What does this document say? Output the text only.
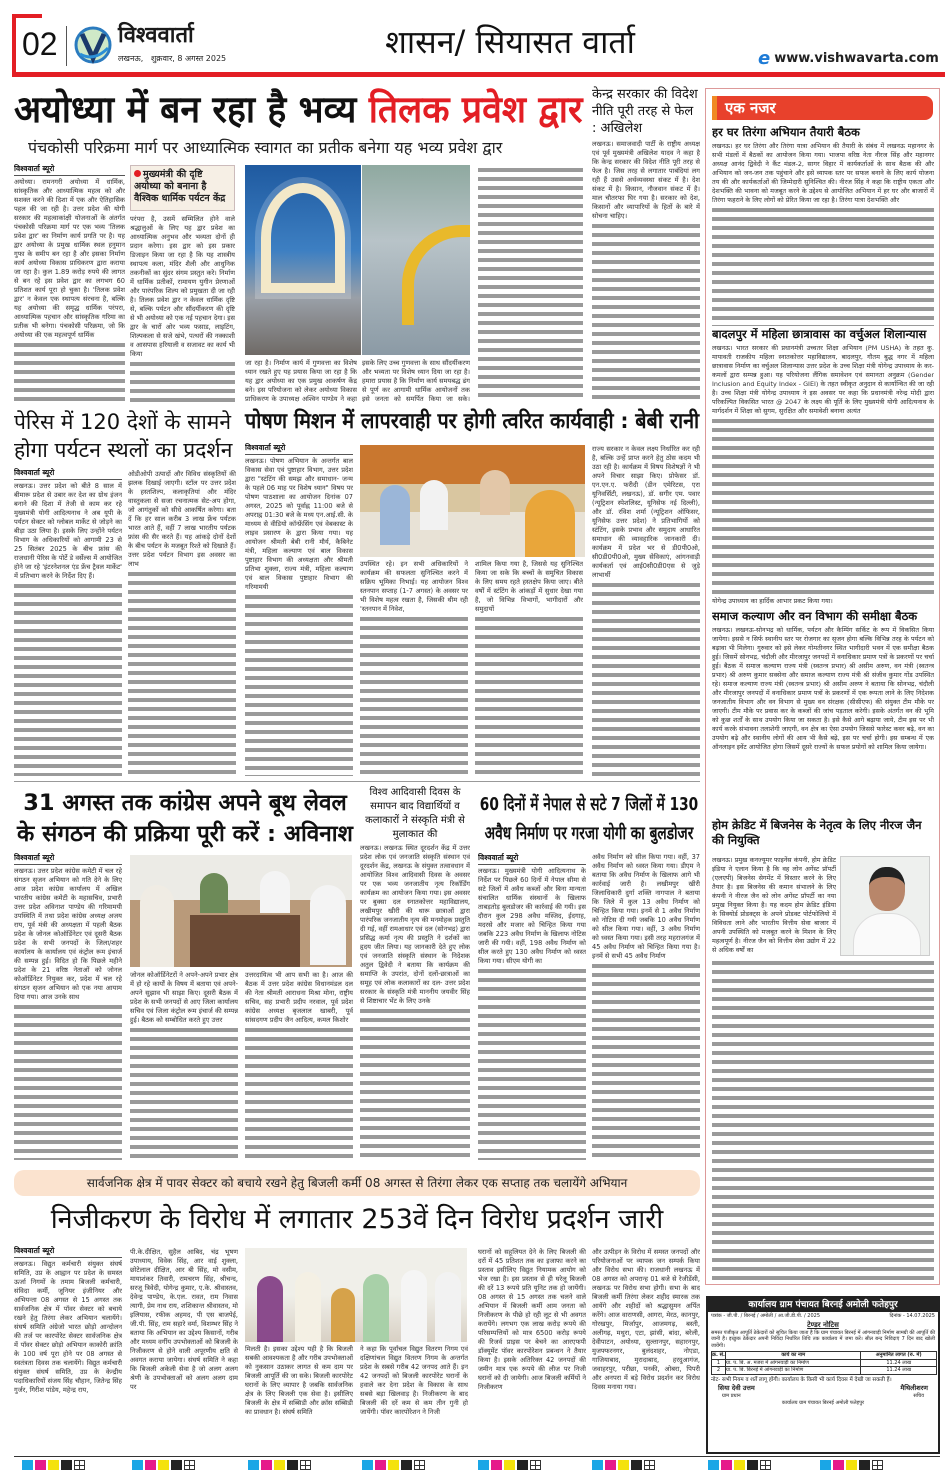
02	विश्ववार्ता
लखनऊ,   शुक्रवार, 8 अगस्त 2025	शासन/ सियासत वार्ता	e www.vishwavarta.com
अयोध्या में बन रहा है भव्य तिलक प्रवेश द्वार
पंचकोसी परिक्रमा मार्ग पर आध्यात्मिक स्वागत का प्रतीक बनेगा यह भव्य प्रवेश द्वार
विश्ववार्ता ब्यूरो
अयोध्या। रामनगरी अयोध्या में धार्मिक, सांस्कृतिक और आध्यात्मिक महत्व को और सशक्त करने की दिशा में एक और ऐतिहासिक पहल की जा रही है। उत्तर प्रदेश की योगी सरकार की महत्वाकांक्षी योजनाओं के अंतर्गत पंचकोसी परिक्रमा मार्ग पर एक भव्य 'तिलक प्रवेश द्वार' का निर्माण कार्य प्रगति पर है। यह द्वार अयोध्या के प्रमुख धार्मिक स्थल हनुमान गुफा के समीप बन रहा है और इसका निर्माण कार्य अयोध्या विकास प्राधिकरण द्वारा कराया जा रहा है। कुल 1.89 करोड़ रुपये की लागत से बन रहे इस प्रवेश द्वार का लगभग 60 प्रतिशत कार्य पूरा हो चुका है। 'तिलक प्रवेश द्वार' न केवल एक स्थापत्य संरचना है, बल्कि यह अयोध्या की समृद्ध धार्मिक परंपरा, आध्यात्मिक पहचान और सांस्कृतिक गरिमा का प्रतीक भी बनेगा। पंचकोसी परिक्रमा, जो कि अयोध्या की एक महत्वपूर्ण धार्मिक
मुख्यमंत्री की दृष्टि अयोध्या को बनाना है वैश्विक धार्मिक पर्यटन केंद्र
परंपरा है, उसमें सम्मिलित होने वाले श्रद्धालुओं के लिए यह द्वार प्रवेश का आध्यात्मिक अनुभव और भव्यता दोनों ही प्रदान करेगा। इस द्वार को इस प्रकार डिजाइन किया जा रहा है कि यह शास्त्रीय स्थापत्य कला, मंदिर शैली और आधुनिक तकनीकों का सुंदर संगम प्रस्तुत करे। निर्माण में धार्मिक प्रतीकों, रामायण युगीन प्रेरणाओं और पारंपरिक शिल्प को प्रमुखता दी जा रही है। तिलक प्रवेश द्वार न केवल धार्मिक दृष्टि से, बल्कि पर्यटन और सौंदर्यीकरण की दृष्टि से भी अयोध्या को एक नई पहचान देगा। इस द्वार के चारों ओर भव्य फसाड, लाइटिंग, शिल्पकला से सजे खंभे, पत्थरों की नक्काशी व आसपास हरियाली व सजावट का कार्य भी किया
जा रहा है। निर्माण कार्य में गुणवत्ता का विशेष ध्यान रखते हुए यह प्रयास किया जा रहा है कि यह द्वार अयोध्या का एक प्रमुख आकर्षण केंद्र बने। इस परियोजना को लेकर अयोध्या विकास प्राधिकरण के उपाध्यक्ष अश्विन पाण्डेय ने कहा
इसके लिए उच्च गुणवत्ता के साथ सौंदर्यीकरण और भव्यता पर विशेष ध्यान दिया जा रहा है। हमारा प्रयास है कि निर्माण कार्य समयबद्ध ढंग से पूर्ण कर आगामी धार्मिक आयोजनों तक इसे जनता को समर्पित किया जा सके।
केन्द्र सरकार की विदेश नीति पूरी तरह से फेल : अखिलेश
लखनऊ। समाजवादी पार्टी के राष्ट्रीय अध्यक्ष एवं पूर्व मुख्यमंत्री अखिलेश यादव ने कहा है कि केन्द्र सरकार की विदेश नीति पूरी तरह से फेल है। जिस तरह से लगातार पाबंदियां लग रही हैं उससे अर्थव्यवस्था संकट में है। देश संकट में है। किसान, नौजवान संकट में है। माल चौतरफा घिर गया है। सरकार को देश, किसानों और व्यापारियों के हितों के बारे में सोचना चाहिए।
एक नजर
हर घर तिरंगा अभियान तैयारी बैठक
लखनऊ। हर घर तिरंगा और तिरंगा यात्रा अभियान की तैयारी के संबंध में लखनऊ महानगर के सभी मंडलों में बैठकों का आयोजन किया गया। भाजपा वरिष्ठ नेता नीरज सिंह और महानगर अध्यक्ष आनंद द्विवेदी ने कैंट मंडल-2, सागर विहार में कार्यकर्ताओं के साथ बैठक की और अभियान को जन-जन तक पहुंचाने और इसे व्यापक स्तर पर सफल बनाने के लिए कार्य योजना तय की और कार्यकर्ताओं की जिम्मेदारी सुनिश्चित की। नीरज सिंह ने कहा कि राष्ट्रीय एकता और देशभक्ति की भावना को मजबूत करने के उद्देश्य से आयोजित अभियान में हर घर और बाजारों में तिरंगा फहराने के लिए लोगों को प्रेरित किया जा रहा है। तिरंगा यात्रा देशभक्ति और
बादलपुर में महिला छात्रावास का वर्चुअल शिलान्यास
लखनऊ। भारत सरकार की प्रधानमंत्री उच्चतर शिक्षा अभियान (PM USHA) के तहत कु. मायावती राजकीय महिला स्नातकोत्तर महाविद्यालय, बादलपुर, गौतम बुद्ध नगर में महिला छात्रावास निर्माण का वर्चुअल शिलान्यास उत्तर प्रदेश के उच्च शिक्षा मंत्री योगेन्द्र उपाध्याय के कर-कमलों द्वारा सम्पन्न हुआ। यह परियोजना लैंगिक समावेशन एवं समानता अनुक्रम (Gender Inclusion and Equity Index - GIEI) के तहत स्वीकृत अनुदान से कार्यान्वित की जा रही है। उच्च शिक्षा मंत्री योगेन्द्र उपाध्याय ने इस अवसर पर कहा कि प्रधानमंत्री नरेन्द्र मोदी द्वारा परिकल्पित विकसित भारत @ 2047 के लक्ष्य की पूर्ति के लिए मुख्यमंत्री योगी आदित्यनाथ के मार्गदर्शन में शिक्षा को सुगम, सुरक्षित और समावेशी बनाना अत्यंत
योगेन्द्र उपाध्याय का हार्दिक आभार प्रकट किया गया।
समाज कल्याण और वन विभाग की समीक्षा बैठक
लखनऊ। लखनऊ-सोनभद्र को धार्मिक, पर्यटन और कैम्पिंग सर्किट के रूप में विकसित किया जायेगा। इससे न सिर्फ स्थानीय स्तर पर रोजगार का सृजन होगा बल्कि विभिन्न तरह के पर्यटन को बढ़ावा भी मिलेगा। गुरुवार को इसे लेकर गोमतीनगर स्थित भागीदारी भवन में एक समीक्षा बैठक हुई। जिसमें सोनभद्र, चंदौली और मीरजापुर जनपदों में वनाधिकार प्रमाण पत्रों के प्रकरणों पर चर्चा हुई। बैठक में समाज कल्याण राज्य मंत्री (स्वतन्त्र प्रभार) श्री असीम अरुण, वन मंत्री (स्वतन्त्र प्रभार) श्री अरुण कुमार सक्सेना और समाज कल्याण राज्य मंत्री श्री संजीव कुमार गोंड उपस्थित रहे। समाज कल्याण राज्य मंत्री (स्वतन्त्र प्रभार) श्री असीम अरुण ने बताया कि सोनभद्र, चंदौली और मीरजापुर जनपदों में वनाधिकार प्रमाण पत्रों के प्रकरणों में एक रूपता लाने के लिए निदेशक जनजातीय विभाग और वन विभाग से मुख्य वन संरक्षक (सीसीएफ) की संयुक्त टीम मौके पर जाएगी। टीम मौके पर प्रवास कर के कब्जों की जांच पड़ताल करेगी। इसके अंतर्गत वन की भूमि को कुछ शर्तों के साथ उपयोग किया जा सकता है। इसे कैसे आगे बढ़ाया जाये, टीम इस पर भी कार्य करके संभावना तलाशेगी जाएगी, वन क्षेत्र का ऐसा उपयोग जिससे फारेस्ट कवर बढ़े, वन का उपयोग बढ़े और स्थानीय लोगों की आय भी कैसे बढ़े, इस पर चर्चा होगी। इस सम्बन्ध में एक ऑनलाइन इवेंट आयोजित होगा जिसमें दूसरे राज्यों के सफल प्रयोगों को शामिल किया जायेगा।
होम क्रेडिट में बिजनेस के नेतृत्व के लिए नीरज जैन की नियुक्ति
लखनऊ। प्रमुख कनज्यूमर फाइनेंस कंपनी, होम क्रेडिट इंडिया ने एलान किया है कि वह लोन अगेंस्ट प्रॉपर्टी (एलएपी) बिजनेस सेगमेंट में विस्तार करने के लिए तैयार है। इस बिजनेस की कमान संभालने के लिए कंपनी ने नीरज जैन को लोन अगेंस्ट प्रॉपर्टी का नया प्रमुख नियुक्त किया है। यह कदम होम क्रेडिट इंडिया के सिक्योर्ड प्रोडक्ट्स के अपने प्रोडक्ट पोर्टफोलियो में विविधता लाने और भारतीय वित्तीय सेवा बाजार में अपनी उपस्थिति को मजबूत करने के मिशन के लिए महत्वपूर्ण है। नीरज जैन को वित्तीय सेवा उद्योग में 22 से अधिक वर्षों का
पेरिस में 120 देशों के सामने होगा पर्यटन स्थलों का प्रदर्शन
विश्ववार्ता ब्यूरो
लखनऊ। उत्तर प्रदेश को बीते 8 साल में बीमारू प्रदेश से उबार कर देश का ग्रोथ इंजन बनाने की दिशा में तेजी से काम कर रहे मुख्यमंत्री योगी आदित्यनाथ ने अब यूपी के पर्यटन सेक्टर को ग्लोबल मार्केट से जोड़ने का बीड़ा उठा लिया है। इसके लिए उन्होंने पर्यटन विभाग के अधिकारियों को आगामी 23 से 25 सितंबर 2025 के बीच फ्रांस की राजधानी पेरिस के पोर्टे डे वर्सेल्स में आयोजित होने जा रहे 'इंटरनेशनल एंड फ्रेंच ट्रैवल मार्केट' में प्रतिभाग करने के निर्देश दिए हैं।
ओडीओपी उत्पादों और विविध संस्कृतियों की झलक दिखाई जाएगी। स्टॉल पर उत्तर प्रदेश के हस्तशिल्प, कलाकृतियां और मंदिर वास्तुकला से सजा रचनात्मक सेट-अप होगा, जो आगंतुकों को सीधे आकर्षित करेगा। बता दें कि हर साल करीब 3 लाख फ्रेंच पर्यटक भारत आते हैं, वहीं 7 लाख भारतीय पर्यटक फ्रांस की सैर करते हैं। यह आंकड़े दोनों देशों के बीच पर्यटन के मजबूत रिश्ते को दिखाते हैं। उत्तर प्रदेश पर्यटन विभाग इस अवसर का लाभ
पोषण मिशन में लापरवाही पर होगी त्वरित कार्यवाही : बेबी रानी
विश्ववार्ता ब्यूरो
लखनऊ। पोषण अभियान के अन्तर्गत बाल विकास सेवा एवं पुष्टाहार विभाग, उत्तर प्रदेश द्वारा "स्टंटिंग की समझ और समाधान- जन्म के पहले 06 माह पर विशेष ध्यान" विषय पर पोषण पाठशाला का आयोजन दिनांक 07 अगस्त, 2025 को पूर्वाह्न 11:00 बजे से अपराह्न 01:30 बजे के मध्य एन.आई.सी. के माध्यम से वीडियो कॉन्फ्रेंसिंग एवं वेबकास्ट के लाइव प्रसारण के द्वारा किया गया। यह आयोजन श्रीमती बेबी रानी मौर्य, कैबिनेट मंत्री, महिला कल्याण एवं बाल विकास पुष्टाहार विभाग की अध्यक्षता और श्रीमती प्रतिभा शुक्ला, राज्य मंत्री, महिला कल्याण एवं बाल विकास पुष्टाहार विभाग की गरिमामयी
उपस्थित रहे। इन सभी अधिकारियों ने कार्यक्रम की सफलता सुनिश्चित करने में सक्रिय भूमिका निभाई। यह आयोजन विश्व स्तनपान सप्ताह (1-7 अगस्त) के अवसर पर भी विशेष महत्व रखता है, जिसकी थीम रही 'स्तनपान में निवेश,
शामिल किया गया है, जिससे यह सुनिश्चित किया जा सके कि बच्चों के समुचित विकास के लिए समय रहते हस्तक्षेप किया जाए। बीते वर्षों में स्टंटिंग के आंकड़ों में सुधार देखा गया है, जो विभिन्न विभागों, भागीदारों और समुदायों
राज्य सरकार न केवल लक्ष्य निर्धारित कर रही है, बल्कि उन्हें प्राप्त करने हेतु ठोस कदम भी उठा रही है। कार्यक्रम में विषय विशेषज्ञों ने भी अपने विचार साझा किए। प्रोफेसर डॉ. एन.एन.ए. फरीदी (डीन एमेरिटस, एरा यूनिवर्सिटी, लखनऊ), डॉ. सगीर एम. पवार (न्यूट्रिशन स्पेशलिस्ट, यूनिसेफ नई दिल्ली), और डॉ. रविश शर्मा (न्यूट्रिशन ऑफिसर, यूनिसेफ उत्तर प्रदेश) ने प्रतिभागियों को स्टंटिंग, इसके प्रभाव और समुदाय आधारित समाधान की व्यावहारिक जानकारी दी। कार्यक्रम में प्रदेश भर से डी0पी0ओ, सी0डी0पी0ओ, मुख्य सेविकाएं, आंगनवाड़ी कार्यकर्ता एवं आई0सी0डी0एस से जुड़े लाभार्थी
31 अगस्त तक कांग्रेस अपने बूथ लेवल के संगठन की प्रक्रिया पूरी करें : अविनाश
विश्ववार्ता ब्यूरो
लखनऊ। उत्तर प्रदेश कांग्रेस कमेटी में चल रहे संगठन सृजन अभियान को गति देने के लिए आज प्रदेश कांग्रेस कार्यालय में अखिल भारतीय कांग्रेस कमेटी के महासचिव, प्रभारी उत्तर प्रदेश अविनाश पाण्डेय की गरिमामयी उपस्थिति में तथा प्रदेश कांग्रेस अध्यक्ष अजय राय, पूर्व मंत्री की अध्यक्षता में पहली बैठक प्रदेश के जोनल कोऑर्डिनेटर एवं दूसरी बैठक प्रदेश के सभी जनपदों के जिला/शहर कार्यालय के कार्यालय एवं कंट्रोल रूम इंचार्ज की सम्पन्न हुई। विदित हो कि पिछले महीने प्रदेश के 21 वरिष्ठ नेताओं को जोनल कोऑर्डिनेटर नियुक्त कर, प्रदेश में चल रहे संगठन सृजन अभियान को एक नया आयाम दिया गया। आज उनके साथ
जोनल कोऑर्डिनेटरों ने अपने-अपने प्रभार क्षेत्र में हो रहे कार्यों के विषय में बताया एवं अपने-अपने सुझाव भी साझा किए। दूसरी बैठक में प्रदेश के सभी जनपदों से आए जिला कार्यालय सचिव एवं जिला कंट्रोल रूम इंचार्ज की सम्पन्न हुई। बैठक को सम्बोधित करते हुए उत्तर
उत्तरदायित्व भी आप सभी का है। आज की बैठक में उत्तर प्रदेश कांग्रेस विधानमंडल दल की नेता श्रीमती आराधना मिश्रा मोना, राष्ट्रीय सचिव, सह प्रभारी प्रदीप नरवाल, पूर्व प्रदेश कांग्रेस अध्यक्ष बृजलाल खाबरी, पूर्व सांसदगण प्रदीप जैन आदित्य, कमल किशोर
विश्व आदिवासी दिवस के समापन बाद विद्यार्थियों व कलाकारों ने संस्कृति मंत्री से मुलाकात की
लखनऊ। लखनऊ स्थित दूरदर्शन केंद्र में उत्तर प्रदेश लोक एवं जनजाति संस्कृति संस्थान एवं दूरदर्शन केंद्र, लखनऊ के संयुक्त तत्वावधान में आयोजित विश्व आदिवासी दिवस के अवसर पर एक भव्य जनजातीय नृत्य रिकॉर्डिंग कार्यक्रम का आयोजन किया गया। इस अवसर पर बुक्सा दल स्नातकोत्तर महाविद्यालय, लखीमपुर खीरी की थारू छात्राओं द्वारा पारंपरिक जनजातीय नृत्य की मनमोहक प्रस्तुति दी गई, वहीं रामआधार एवं दल (सोनभद्र) द्वारा प्रसिद्ध कर्मा नृत्य की प्रस्तुति ने दर्शकों का हृदय जीत लिया। यह जानकारी देते हुए लोक एवं जनजाति संस्कृति संस्थान के निदेशक अतुल द्विवेदी ने बताया कि कार्यक्रम की समाप्ति के उपरांत, दोनों दलों-छात्राओं का समूह एवं लोक कलाकारों का दल- उत्तर प्रदेश सरकार के संस्कृति मंत्री माननीय जयवीर सिंह से शिष्टाचार भेंट के लिए उनके
60 दिनों में नेपाल से सटे 7 जिलों में 130 अवैध निर्माण पर गरजा योगी का बुलडोजर
विश्ववार्ता ब्यूरो
लखनऊ। मुख्यमंत्री योगी आदित्यनाथ के निर्देश पर पिछले 60 दिनों में नेपाल सीमा से सटे जिलों में अवैध कब्जों और बिना मान्यता संचालित धार्मिक संस्थानों के खिलाफ ताबड़तोड़ बुलडोजर की कार्रवाई की गयी। इस दौरान कुल 298 अवैध मस्जिद, ईदगाह, मदरसे और मजार को चिन्हित किया गया जबकि 223 अवैध निर्माण के खिलाफ नोटिस जारी की गयी। वहीं, 198 अवैध निर्माण को सील करते हुए 130 अवैध निर्माण को ध्वस्त किया गया। सीएम योगी का
अवैध निर्माण को सील किया गया। वहीं, 37 अवैध निर्माण को ध्वस्त किया गया। डीएम ने बताया कि अवैध निर्माण के खिलाफ आगे भी कार्रवाई जारी है। लखीमपुर खीरी जिलाधिकारी दुर्गा शक्ति नागपाल ने बताया कि जिले में कुल 13 अवैध निर्माण को चिन्हित किया गया। इनमें से 1 अवैध निर्माण को नोटिस दी गयी जबकि 10 अवैध निर्माण को सील किया गया। वहीं, 3 अवैध निर्माण को ध्वस्त किया गया। इसी तरह महराजगंज में 45 अवैध निर्माण को चिन्हित किया गया है। इनमें से सभी 45 अवैध निर्माण
सार्वजनिक क्षेत्र में पावर सेक्टर को बचाये रखने हेतु बिजली कर्मी 08 अगस्त से तिरंगा लेकर एक सप्ताह तक चलायेंगे अभियान
निजीकरण के विरोध में लगातार 253वें दिन विरोध प्रदर्शन जारी
विश्ववार्ता ब्यूरो
लखनऊ। विद्युत कर्मचारी संयुक्त संघर्ष समिति, उप्र के आह्वान पर प्रदेश के समस्त ऊर्जा निगमों के तमाम बिजली कर्मचारी, संविदा कर्मी, जूनियर इंजीनियर और अभियन्ता 08 अगस्त से 15 अगस्त तक सार्वजनिक क्षेत्र में पॉवर सेक्टर को बचाये रखने हेतु तिरंगा लेकर अभियान चलायेंगे। संघर्ष समिति अंग्रेजो भारत छोड़ो आन्दोलन की तर्ज पर कारपोरेट सेक्टर सार्वजनिक क्षेत्र में पॉवर सेक्टर छोड़ो अभियान काकोरी क्रांति के 100 वर्ष पूरा होने पर 08 अगस्त से स्वतंत्रता दिवस तक चलायेंगे। विद्युत कर्मचारी संयुक्त संघर्ष समिति, उप्र के केन्द्रीय पदाधिकारियों संजय सिंह चौहान, जितेन्द्र सिंह गुर्जर, गिरीश पांडेय, महेन्द्र राय,
पी.के.दीक्षित, सुहैल आबिद, चंद्र भूषण उपाध्याय, विवेक सिंह, आर वाई शुक्ला, छोटेलाल दीक्षित, आर बी सिंह, मो वसीम, मायाशंकर तिवारी, रामचरण सिंह, श्रीचन्द, सरजू त्रिवेदी, योगेन्द्र कुमार, ए.के. श्रीवास्तव, देवेन्द्र पाण्डेय, के.एल. रावत, राम निवास त्यागी, प्रेम नाथ राय, शशिकान्त श्रीवास्तव, मो इलियास, रफीक अहमद, पी एस बाजपेई, जी.पी. सिंह, राम सहारे वर्मा, विशम्भर सिंह ने बताया कि अभियान का उद्देश्य किसानों, गरीब और मध्यम वर्गीय उपभोक्ताओं को बिजली के निजीकरण से होने वाली अपूरणीय क्षति से अवगत कराया जायेगा। संघर्ष समिति ने कहा कि बिजली अकेली सेवा है जो अलग अलग श्रेणी के उपभोक्ताओं को अलग अलग दाम पर
मिलती है। इसका उद्देश्य यही है कि बिजली सबकी आवश्यकता है और गरीब उपभोक्ताओं को नुकसान उठाकर लागत से कम दाम पर बिजली आपूर्ति की जा सके। बिजली कारपोरेट घरानों के लिए व्यापार है जबकि सार्वजनिक क्षेत्र के लिए बिजली एक सेवा है। इसीलिए बिजली के क्षेत्र में सब्सिडी और क्रॉस सब्सिडी का प्रावधान है। संघर्ष समिति
ने कहा कि पूर्वांचल विद्युत वितरण निगम एवं दक्षिणांचल विद्युत वितरण निगम के अन्तर्गत प्रदेश के सबसे गरीब 42 जनपद आते हैं। इन 42 जनपदों को बिजली कारपोरेट घरानों के हवाले कर देना प्रदेश के विकास के साथ सबसे बड़ा खिलवाड़ है। निजीकरण के बाद बिजली की दरें कम से कम तीन गुनी हो जायेंगी। पॉवर कारपोरेशन ने निजी
घरानों को सहूलियत देने के लिए बिजली की दरों में 45 प्रतिशत तक का इजाफा करने का प्रस्ताव इसीलिए विद्युत नियामक आयोग को भेज रखा है। इस प्रस्ताव से ही घरेलू बिजली की दरें 13 रूपये प्रति यूनिट तक हो जायेंगी। 08 अगस्त से 15 अगस्त तक चलने वाले अभियान में बिजली कर्मी आम जनता को निजीकरण के पीछे हो रही लूट से भी अवगत करायेंगे। लगभग एक लाख करोड़ रूपये की परिसम्पत्तियों को मात्र 6500 करोड़ रूपये की रिजर्व प्राइस पर बेचने का आरएफपी डॉक्यूमेंट पॉवर कारपोरेशन प्रबन्धन ने तैयार किया है। इसके अतिरिक्त 42 जनपदों की जमीन मात्र एक रूपये की लीज पर निजी घरानों को दी जायेगी। आज बिजली कर्मियों ने निजीकरण
और उत्पीड़न के विरोध में समस्त जनपदों और परियोजनाओं पर व्यापक जन सम्पर्क किया और विरोध सभा की। राजधानी लखनऊ में 08 अगस्त को अपरान्ह 01 बजे से रेजीडेंसी, लखनऊ पर विरोध सभा होगी। सभा के बाद बिजली कर्मी तिरंगा लेकर शहीद स्मारक तक आयेंगे और शहीदों को श्रद्धासुमन अर्पित करेंगे। आज वाराणसी, आगरा, मेरठ, कानपुर, गोरखपुर, मिर्जापुर, आजमगढ़, बस्ती, अलीगढ़, मथुरा, एटा, झांसी, बांदा, बरेली, देवीपाटन, अयोध्या, सुल्तानपुर, सहारनपुर, मुजफ्फरनगर, बुलंदशहर, नोएडा, गाजियाबाद, मुरादाबाद, हरदुआगंज, जवाहरपुर, परीछा, पनकी, ओबरा, पिपरी और अनपरा में बड़े विरोध प्रदर्शन कर विरोध दिवस मनाया गया।
कार्यालय ग्राम पंचायत बिरनई अमोली फतेहपुर
पत्रांक - जी.पी. / बिरनई / अमोली / आ.जी.डी.पी. / 2025	दिनांक - 14.07.2025
टेण्डर नोटिस
समस्त पंजीकृत आपूर्ति ठेकेदारों को सूचित किया जाता है कि ग्राम पंचायत बिरनई में आंगनवाड़ी निर्माण सामग्री की आपूर्ति की जानी है। इच्छुक ठेकेदार अपनी निविदा निर्धारित तिथि तक कार्यालय में जमा करें। सील बन्द निविदाएं 7 दिन बाद खोली जायेंगी।
क्र. सं.	कार्य का नाम	अनुमानित लागत (रु. में)
1	ग्रा. प. बि. अ. मजरा में आंगनवाड़ी का निर्माण	11.24 लाख
2	ग्रा. प. बि. बिरनई में आंगनवाड़ी का निर्माण	11.24 लाख
नोट- सभी नियम व शर्तें लागू होंगी। कार्यालय के किसी भी कार्य दिवस में देखी जा सकती हैं।
सिया देवी उत्तम	मैथिलीशरण
ग्राम प्रधान	सचिव
कार्यालय ग्राम पंचायत बिरनई अमोली फतेहपुर
